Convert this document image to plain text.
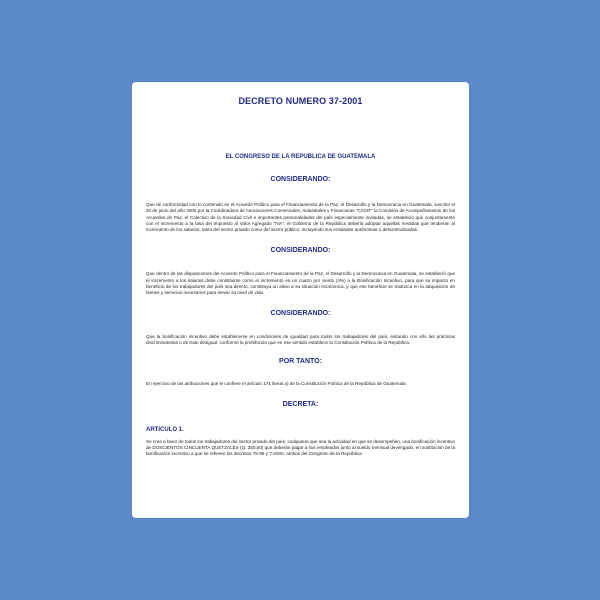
DECRETO NUMERO 37-2001

EL CONGRESO DE LA REPUBLICA DE GUATEMALA

CONSIDERANDO:

Que de conformidad con lo contenido en el Acuerdo Político para el Financiamiento de la Paz, el Desarrollo y la Democracia en Guatemala, suscrito el 20 de junio del año 2000 por la Coordinadora de Asociaciones Comerciales, Industriales y Financieras "CACIF" la Comisión de Acompañamiento de los Acuerdos de Paz, el Colectivo de la Sociedad Civil e importantes personalidades del país especialmente invitadas, se estableció que conjuntamente con el incremento a la tasa del Impuesto al Valor Agregado "IVA", el Gobierno de la República debería adoptar aquellas medidas que tendieran al incremento de los salarios, tanto del sector privado como del sector público, incluyendo sus entidades autónomas o descentralizadas.

CONSIDERANDO:

Que dentro de las disposiciones del Acuerdo Político para el Financiamiento de la Paz, el Desarrollo y la Democracia en Guatemala, se estableció que el incremento a los salarios debe constituirse como el incremento en un cuatro por ciento (4%) a la Bonificación Incentivo, para que su impacto en beneficio de los trabajadores del país sea directo, constituya un alivio a su situación económica, y que ese beneficio se traduzca en la adquisición de bienes y servicios necesarios para elevar su nivel de vida.

CONSIDERANDO:

Que la bonificación incentivo debe establecerse en condiciones de igualdad para todos los trabajadores del país, evitando con ello las prácticas discriminatorias o de trato desigual, conforme la prohibición que en ese sentido establece la Constitución Política de la República.

POR TANTO:

En ejercicio de las atribuciones que le confiere el artículo 171 literal a) de la Constitución Política de la República de Guatemala.

DECRETA:

ARTICULO 1.

Se crea a favor de todos los trabajadores del sector privado del país, cualquiera que sea la actividad en que se desempeñen, una bonificación incentivo de DOSCIENTOS CINCUENTA QUETZALES (Q. 250.00) que deberán pagar a sus empleados junto al sueldo mensual devengado, en sustitución de la bonificación incentivo a que se refieren los decretos 78-89 y 7-2000, ambos del Congreso de la República.
